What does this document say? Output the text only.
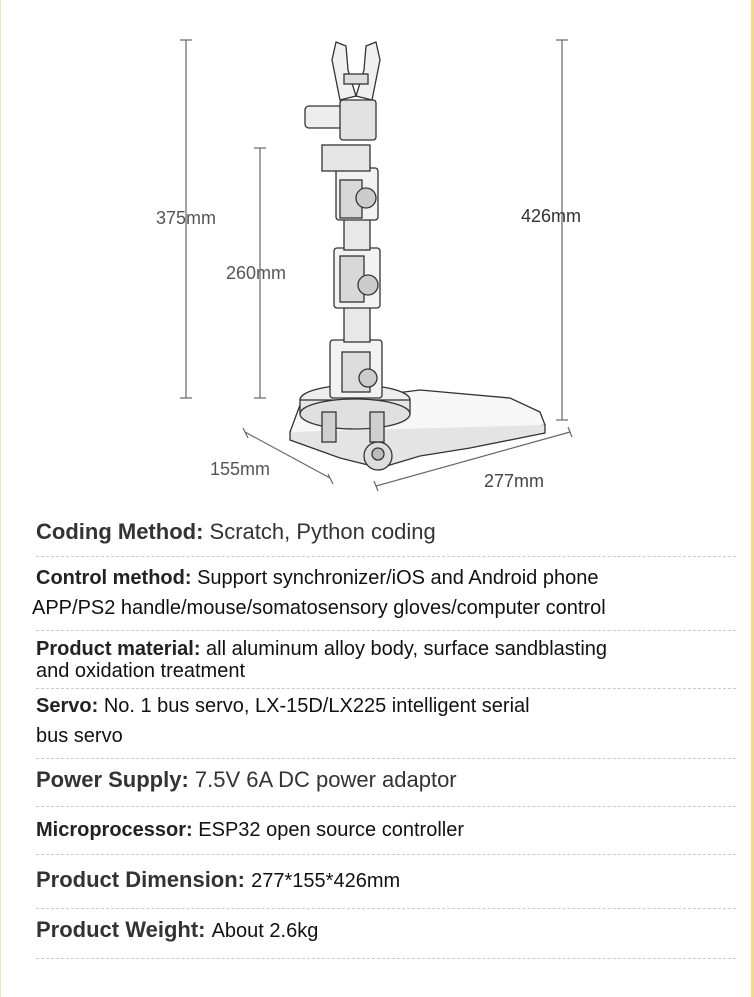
375mm
260mm
426mm
155mm
277mm
Coding Method: Scratch, Python coding
Control method: Support synchronizer/iOS and Android phone
APP/PS2 handle/mouse/somatosensory gloves/computer control
Product material: all aluminum alloy body, surface sandblasting
and oxidation treatment
Servo: No. 1 bus servo, LX-15D/LX225 intelligent serial
bus servo
Power Supply: 7.5V 6A DC power adaptor
Microprocessor: ESP32 open source controller
Product Dimension: 277*155*426mm
Product Weight: About 2.6kg
